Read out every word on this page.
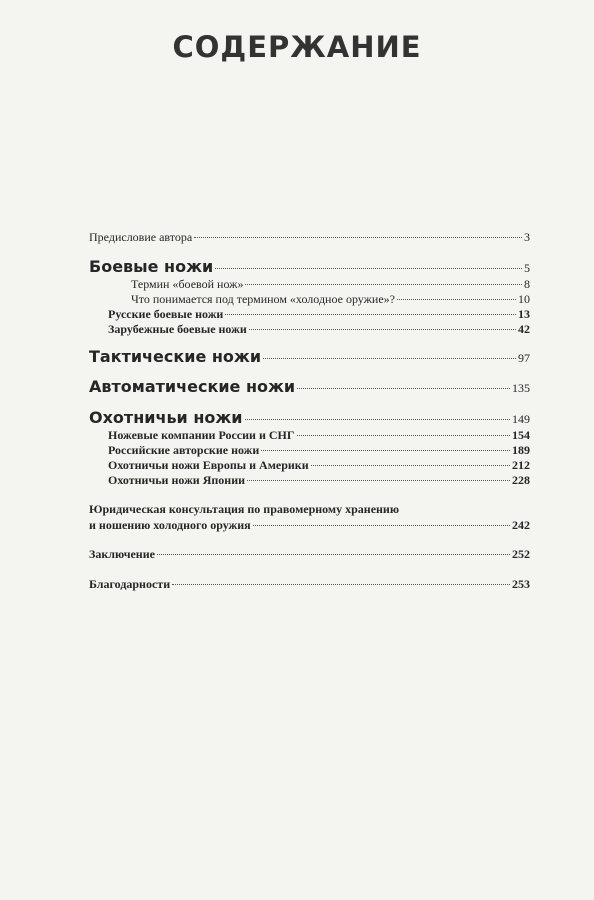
СОДЕРЖАНИЕ
Предисловие автора	3
Боевые ножи	5
Термин «боевой нож»	8
Что понимается под термином «холодное оружие»?	10
Русские боевые ножи	13
Зарубежные боевые ножи	42
Тактические ножи	97
Автоматические ножи	135
Охотничьи ножи	149
Ножевые компании России и СНГ	154
Российские авторские ножи	189
Охотничьи ножи Европы и Америки	212
Охотничьи ножи Японии	228
Юридическая консультация по правомерному хранению
и ношению холодного оружия	242
Заключение	252
Благодарности	253
